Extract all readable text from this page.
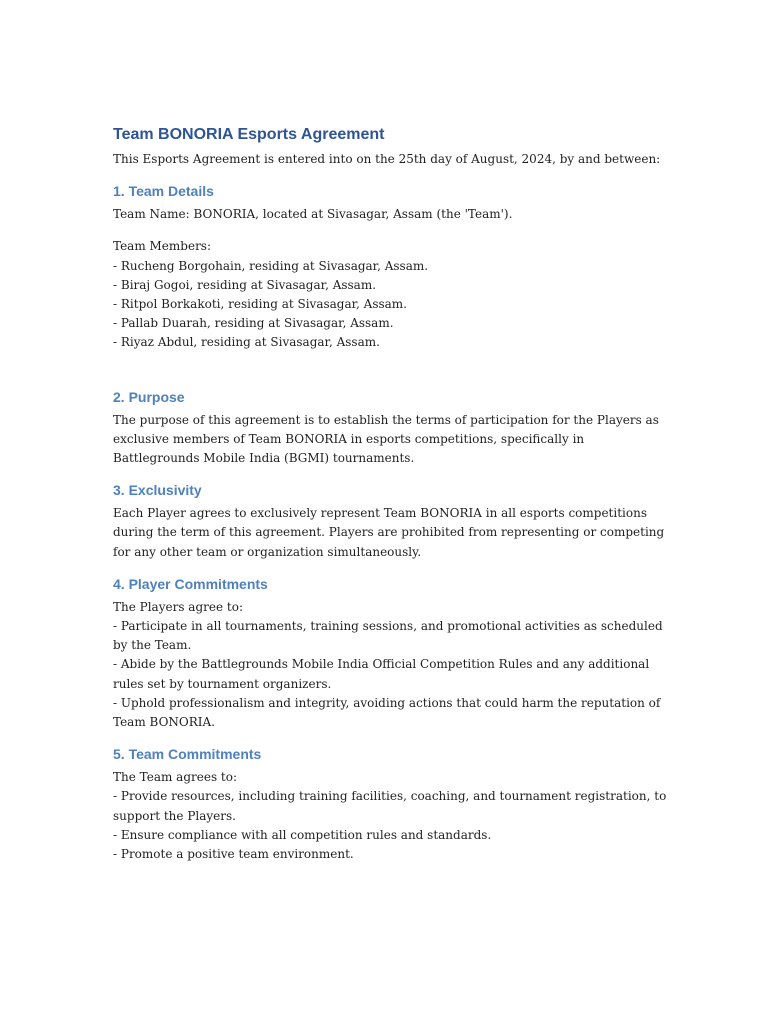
Team BONORIA Esports Agreement

This Esports Agreement is entered into on the 25th day of August, 2024, by and between:

1. Team Details

Team Name: BONORIA, located at Sivasagar, Assam (the 'Team').

Team Members:

- Rucheng Borgohain, residing at Sivasagar, Assam.
- Biraj Gogoi, residing at Sivasagar, Assam.
- Ritpol Borkakoti, residing at Sivasagar, Assam.
- Pallab Duarah, residing at Sivasagar, Assam.
- Riyaz Abdul, residing at Sivasagar, Assam.
2. Purpose

The purpose of this agreement is to establish the terms of participation for the Players as exclusive members of Team BONORIA in esports competitions, specifically in Battlegrounds Mobile India (BGMI) tournaments.

3. Exclusivity

Each Player agrees to exclusively represent Team BONORIA in all esports competitions during the term of this agreement. Players are prohibited from representing or competing for any other team or organization simultaneously.

4. Player Commitments

The Players agree to:

- Participate in all tournaments, training sessions, and promotional activities as scheduled by the Team.
- Abide by the Battlegrounds Mobile India Official Competition Rules and any additional rules set by tournament organizers.
- Uphold professionalism and integrity, avoiding actions that could harm the reputation of Team BONORIA.
5. Team Commitments

The Team agrees to:

- Provide resources, including training facilities, coaching, and tournament registration, to support the Players.
- Ensure compliance with all competition rules and standards.
- Promote a positive team environment.
